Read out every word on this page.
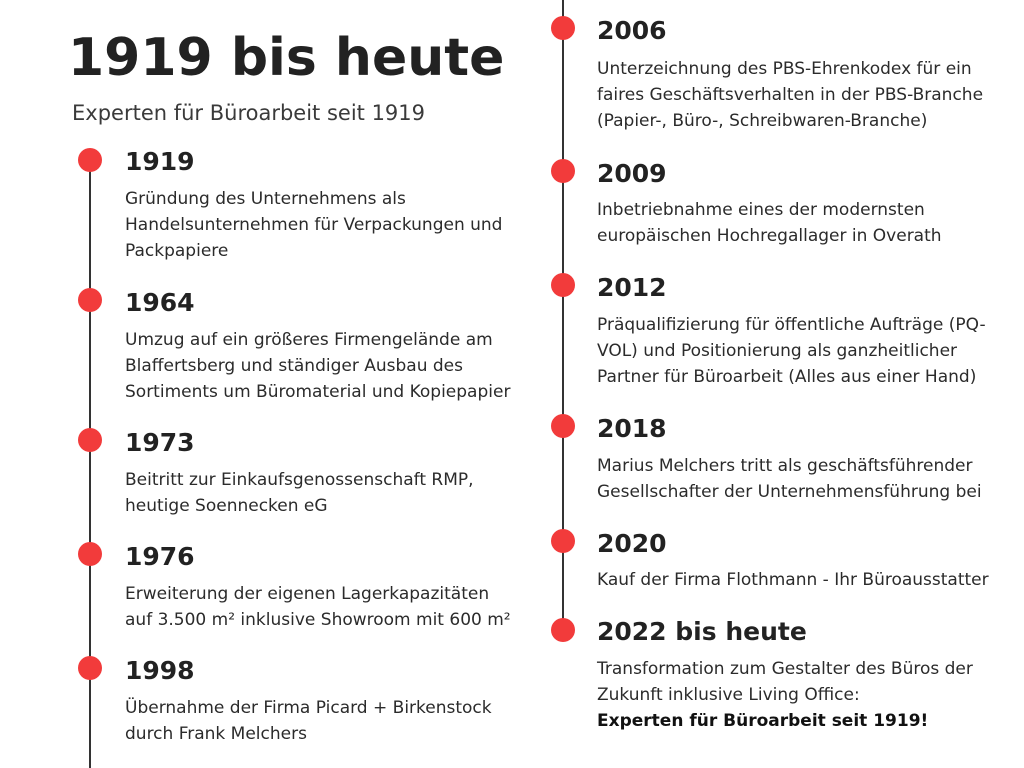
1919 bis heute

Experten für Büroarbeit seit 1919

1919

Gründung des Unternehmens als
Handelsunternehmen für Verpackungen und
Packpapiere

1964

Umzug auf ein größeres Firmengelände am
Blaffertsberg und ständiger Ausbau des
Sortiments um Büromaterial und Kopiepapier

1973

Beitritt zur Einkaufsgenossenschaft RMP,
heutige Soennecken eG

1976

Erweiterung der eigenen Lagerkapazitäten
auf 3.500 m² inklusive Showroom mit 600 m²

1998

Übernahme der Firma Picard + Birkenstock
durch Frank Melchers

2006

Unterzeichnung des PBS-Ehrenkodex für ein
faires Geschäftsverhalten in der PBS-Branche
(Papier-, Büro-, Schreibwaren-Branche)

2009

Inbetriebnahme eines der modernsten
europäischen Hochregallager in Overath

2012

Präqualifizierung für öffentliche Aufträge (PQ-
VOL) und Positionierung als ganzheitlicher
Partner für Büroarbeit (Alles aus einer Hand)

2018

Marius Melchers tritt als geschäftsführender
Gesellschafter der Unternehmensführung bei

2020

Kauf der Firma Flothmann - Ihr Büroausstatter

2022 bis heute

Transformation zum Gestalter des Büros der
Zukunft inklusive Living Office:
Experten für Büroarbeit seit 1919!
